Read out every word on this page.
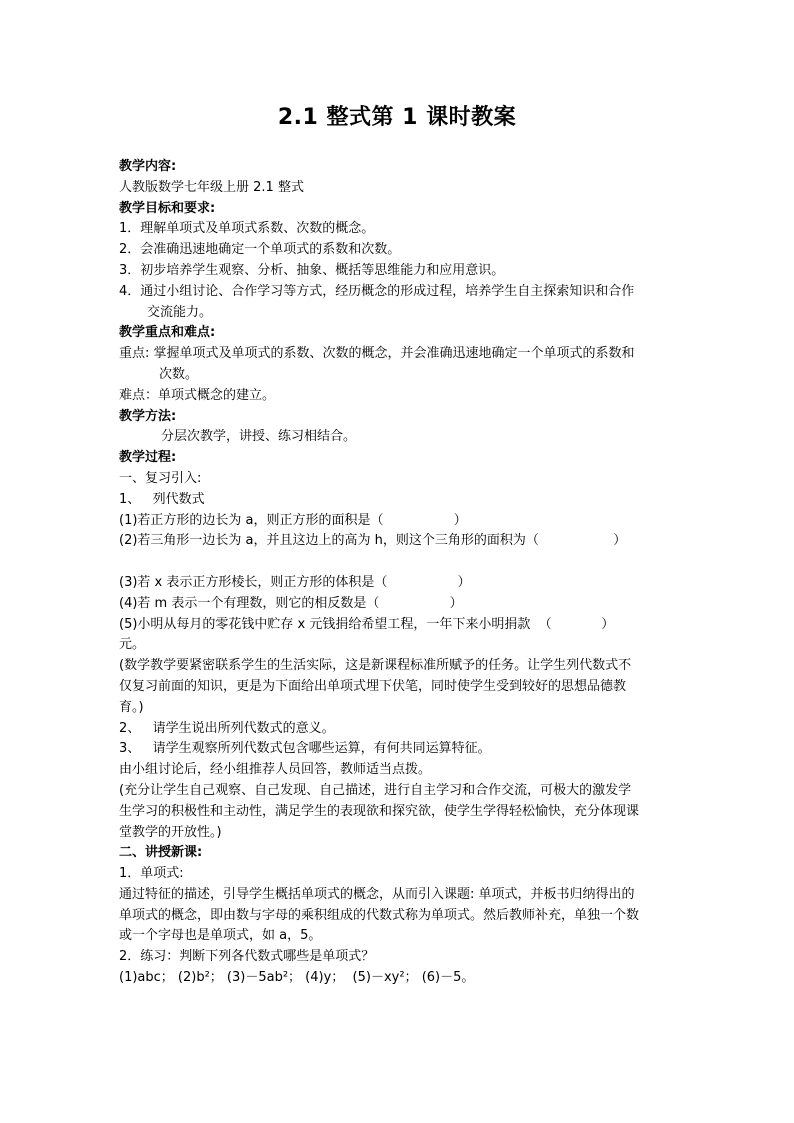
2.1 整式第 1 课时教案
教学内容:
人教版数学七年级上册 2.1 整式
教学目标和要求:
1．理解单项式及单项式系数、次数的概念。
2．会准确迅速地确定一个单项式的系数和次数。
3．初步培养学生观察、分析、抽象、概括等思维能力和应用意识。
4．通过小组讨论、合作学习等方式，经历概念的形成过程，培养学生自主探索知识和合作
交流能力。
教学重点和难点:
重点: 掌握单项式及单项式的系数、次数的概念，并会准确迅速地确定一个单项式的系数和
次数。
难点：单项式概念的建立。
教学方法:
分层次教学，讲授、练习相结合。
教学过程:
一、复习引入:
1、   列代数式
(1)若正方形的边长为 a，则正方形的面积是（                 ）
(2)若三角形一边长为 a，并且这边上的高为 h，则这个三角形的面积为（                  ）
(3)若 x 表示正方形棱长，则正方形的体积是（                 ）
(4)若 m 表示一个有理数，则它的相反数是（                 ）
(5)小明从每月的零花钱中贮存 x 元钱捐给希望工程，一年下来小明捐款  （            ）
元。
(数学教学要紧密联系学生的生活实际，这是新课程标准所赋予的任务。让学生列代数式不
仅复习前面的知识，更是为下面给出单项式埋下伏笔，同时使学生受到较好的思想品德教
育。)
2、   请学生说出所列代数式的意义。
3、   请学生观察所列代数式包含哪些运算，有何共同运算特征。
由小组讨论后，经小组推荐人员回答，教师适当点拨。
(充分让学生自己观察、自己发现、自己描述，进行自主学习和合作交流，可极大的激发学
生学习的积极性和主动性，满足学生的表现欲和探究欲，使学生学得轻松愉快，充分体现课
堂教学的开放性。)
二、讲授新课:
1．单项式:
通过特征的描述，引导学生概括单项式的概念，从而引入课题: 单项式，并板书归纳得出的
单项式的概念，即由数与字母的乘积组成的代数式称为单项式。然后教师补充，单独一个数
或一个字母也是单项式，如 a，5。
2．练习：判断下列各代数式哪些是单项式？
(1)abc； (2)b²； (3)－5ab²； (4)y；  (5)－xy²； (6)－5。
